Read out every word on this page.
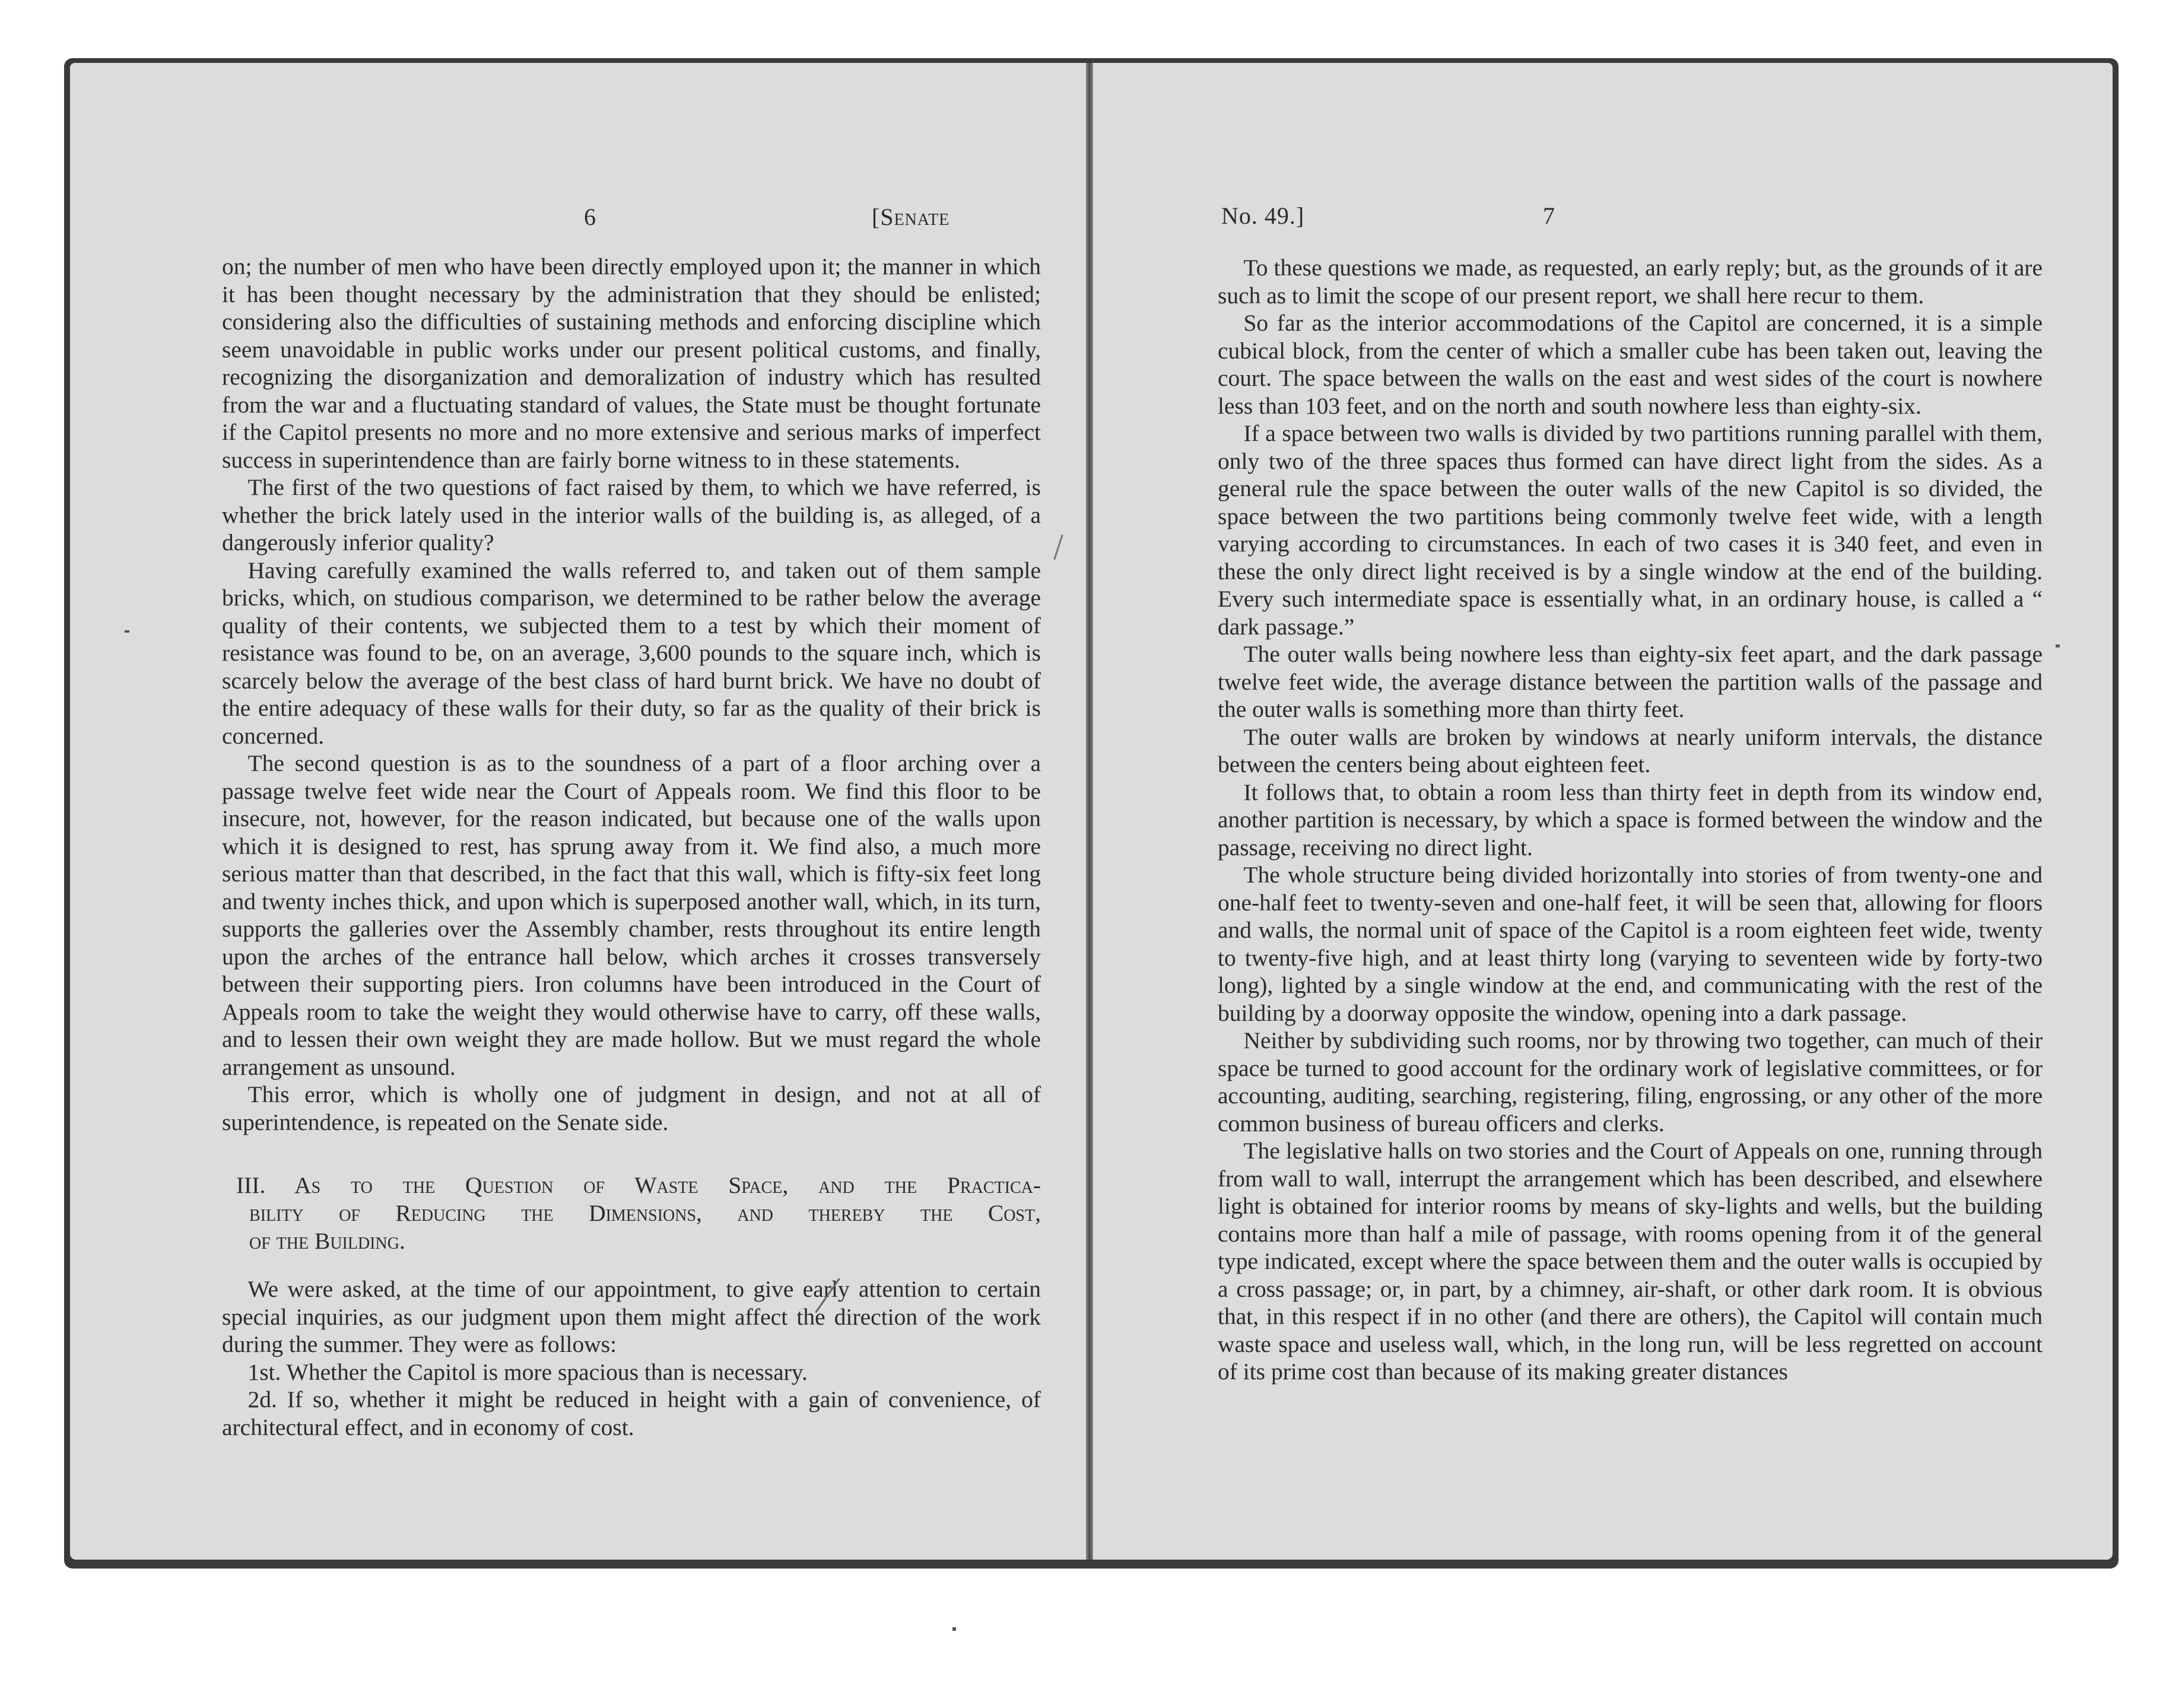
6	[Senate

on; the number of men who have been directly employed upon it; the manner in which it has been thought necessary by the administration that they should be enlisted; considering also the difficulties of sustaining methods and enforcing discipline which seem unavoidable in public works under our present political customs, and finally, recognizing the disorganization and demoralization of industry which has resulted from the war and a fluctuating standard of values, the State must be thought fortunate if the Capitol presents no more and no more extensive and serious marks of imperfect success in superintendence than are fairly borne witness to in these statements.

The first of the two questions of fact raised by them, to which we have referred, is whether the brick lately used in the interior walls of the building is, as alleged, of a dangerously inferior quality?

Having carefully examined the walls referred to, and taken out of them sample bricks, which, on studious comparison, we determined to be rather below the average quality of their contents, we subjected them to a test by which their moment of resistance was found to be, on an average, 3,600 pounds to the square inch, which is scarcely below the average of the best class of hard burnt brick. We have no doubt of the entire adequacy of these walls for their duty, so far as the quality of their brick is concerned.

The second question is as to the soundness of a part of a floor arching over a passage twelve feet wide near the Court of Appeals room. We find this floor to be insecure, not, however, for the reason indicated, but because one of the walls upon which it is designed to rest, has sprung away from it. We find also, a much more serious matter than that described, in the fact that this wall, which is fifty-six feet long and twenty inches thick, and upon which is superposed another wall, which, in its turn, supports the galleries over the Assembly chamber, rests throughout its entire length upon the arches of the entrance hall below, which arches it crosses transversely between their supporting piers. Iron columns have been introduced in the Court of Appeals room to take the weight they would otherwise have to carry, off these walls, and to lessen their own weight they are made hollow. But we must regard the whole arrangement as unsound.

This error, which is wholly one of judgment in design, and not at all of superintendence, is repeated on the Senate side.

III. As to the Question of Waste Space, and the Practica-
bility of Reducing the Dimensions, and thereby the Cost,
of the Building.

We were asked, at the time of our appointment, to give early attention to certain special inquiries, as our judgment upon them might affect the direction of the work during the summer. They were as follows:

1st. Whether the Capitol is more spacious than is necessary.

2d. If so, whether it might be reduced in height with a gain of convenience, of architectural effect, and in economy of cost.

No. 49.]	7

To these questions we made, as requested, an early reply; but, as the grounds of it are such as to limit the scope of our present report, we shall here recur to them.

So far as the interior accommodations of the Capitol are concerned, it is a simple cubical block, from the center of which a smaller cube has been taken out, leaving the court. The space between the walls on the east and west sides of the court is nowhere less than 103 feet, and on the north and south nowhere less than eighty-six.

If a space between two walls is divided by two partitions running parallel with them, only two of the three spaces thus formed can have direct light from the sides. As a general rule the space between the outer walls of the new Capitol is so divided, the space between the two partitions being commonly twelve feet wide, with a length varying according to circumstances. In each of two cases it is 340 feet, and even in these the only direct light received is by a single window at the end of the building. Every such intermediate space is essentially what, in an ordinary house, is called a “ dark passage.”

The outer walls being nowhere less than eighty-six feet apart, and the dark passage twelve feet wide, the average distance between the partition walls of the passage and the outer walls is something more than thirty feet.

The outer walls are broken by windows at nearly uniform intervals, the distance between the centers being about eighteen feet.

It follows that, to obtain a room less than thirty feet in depth from its window end, another partition is necessary, by which a space is formed between the window and the passage, receiving no direct light.

The whole structure being divided horizontally into stories of from twenty-one and one-half feet to twenty-seven and one-half feet, it will be seen that, allowing for floors and walls, the normal unit of space of the Capitol is a room eighteen feet wide, twenty to twenty-five high, and at least thirty long (varying to seventeen wide by forty-two long), lighted by a single window at the end, and communicating with the rest of the building by a doorway opposite the window, opening into a dark passage.

Neither by subdividing such rooms, nor by throwing two together, can much of their space be turned to good account for the ordinary work of legislative committees, or for accounting, auditing, searching, registering, filing, engrossing, or any other of the more common business of bureau officers and clerks.

The legislative halls on two stories and the Court of Appeals on one, running through from wall to wall, interrupt the arrangement which has been described, and elsewhere light is obtained for interior rooms by means of sky-lights and wells, but the building contains more than half a mile of passage, with rooms opening from it of the general type indicated, except where the space between them and the outer walls is occupied by a cross passage; or, in part, by a chimney, air-shaft, or other dark room. It is obvious that, in this respect if in no other (and there are others), the Capitol will contain much waste space and useless wall, which, in the long run, will be less regretted on account of its prime cost than because of its making greater distances
